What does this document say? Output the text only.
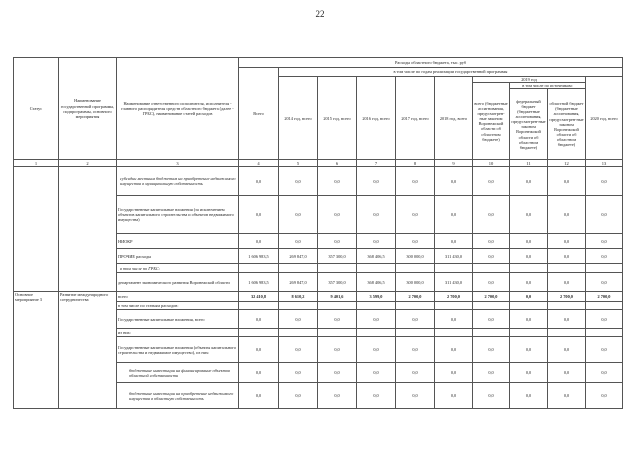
22
Статус	Наименование государственной программы, подпрограммы, основного мероприятия	Наименование ответственного исполнителя, исполнителя - главного распорядителя средств областного бюджета (далее - ГРБС), наименование статей расходов	Расходы областного бюджета, тыс. руб									
			Всего	в том числе по годам реализации государственной программы								
				2014 год, всего	2015 год, всего	2016 год, всего	2017 год, всего	2018 год, всего	2019 год			2020 год, всего
									всего (бюджетные ассигнования, предусмотрен-ные законом Воронежской области об областном бюджете)	в том числе по источникам:		
										федеральный бюджет (бюджетные ассигнования, предусмотрен-ные законом Воронежской области об областном бюджете)	областной бюджет (бюджетные ассигнования, предусмотрен-ные законом Воронежской области об областном бюджете)	
1	2	3	4	5	6	7	8	9	10	11	12	13
		субсидии местным бюджетам на приобретение недвижимого имущества в муниципальную собственность	0,0	0,0	0,0	0,0	0,0	0,0	0,0	0,0	0,0	0,0
		Государственные капитальные вложения (за исключением объектов капитального строительства и объектов недвижимого имущества)	0,0	0,0	0,0	0,0	0,0	0,0	0,0	0,0	0,0	0,0
		НИОКР	0,0	0,0	0,0	0,0	0,0	0,0	0,0	0,0	0,0	0,0
		ПРОЧИЕ расходы	1 606 983,5	269 847,0	357 300,0	368 406,5	300 000,0	311 430,0	0,0	0,0	0,0	0,0
		в том числе по ГРБС:										
		департамент экономического развития Воронежской области	1 606 983,5	269 847,0	357 300,0	368 406,5	300 000,0	311 430,0	0,0	0,0	0,0	0,0
Основное мероприятие 3	Развитие международного сотрудничества	всего	32 410,8	8 610,2	9 401,6	3 599,0	2 700,0	2 700,0	2 700,0	0,0	2 700,0	2 700,0
		в том числе по статьям расходов:										
		Государственные капитальные вложения, всего	0,0	0,0	0,0	0,0	0,0	0,0	0,0	0,0	0,0	0,0
		из них:										
		Государственные капитальные вложения (объекты капитального строительства и недвижимое имущество), из них:	0,0	0,0	0,0	0,0	0,0	0,0	0,0	0,0	0,0	0,0
		бюджетные инвестиции на финансирование объектов областной собственности	0,0	0,0	0,0	0,0	0,0	0,0	0,0	0,0	0,0	0,0
		бюджетные инвестиции на приобретение недвижимого имущества в областную собственность	0,0	0,0	0,0	0,0	0,0	0,0	0,0	0,0	0,0	0,0
